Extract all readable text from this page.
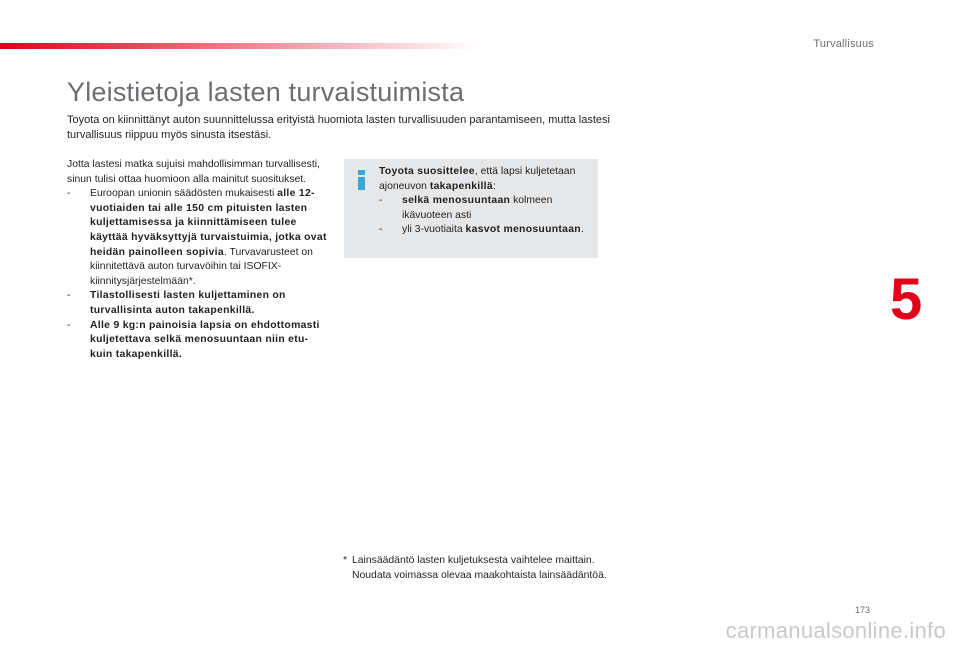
Turvallisuus
5
Yleistietoja lasten turvaistuimista

Toyota on kiinnittänyt auton suunnittelussa erityistä huomiota lasten turvallisuuden parantamiseen, mutta lastesi turvallisuus riippuu myös sinusta itsestäsi.

Jotta lastesi matka sujuisi mahdollisimman turvallisesti, sinun tulisi ottaa huomioon alla mainitut suositukset.

-	Euroopan unionin säädösten mukaisesti alle 12-vuotiaiden tai alle 150 cm pituisten lasten kuljettamisessa ja kiinnittämiseen tulee käyttää hyväksyttyjä turvaistuimia, jotka ovat heidän painolleen sopivia. Turvavarusteet on kiinnitettävä auton turvavöihin tai ISOFIX-kiinnitysjärjestelmään*.
-	Tilastollisesti lasten kuljettaminen on turvallisinta auton takapenkillä.
-	Alle 9 kg:n painoisia lapsia on ehdottomasti kuljetettava selkä menosuuntaan niin etu- kuin takapenkillä.

Toyota suosittelee, että lapsi kuljetetaan ajoneuvon takapenkillä:

-	selkä menosuuntaan kolmeen ikävuoteen asti
-	yli 3-vuotiaita kasvot menosuuntaan.
* Lainsäädäntö lasten kuljetuksesta vaihtelee maittain. Noudata voimassa olevaa maakohtaista lainsäädäntöä.
173
carmanualsonline.info
